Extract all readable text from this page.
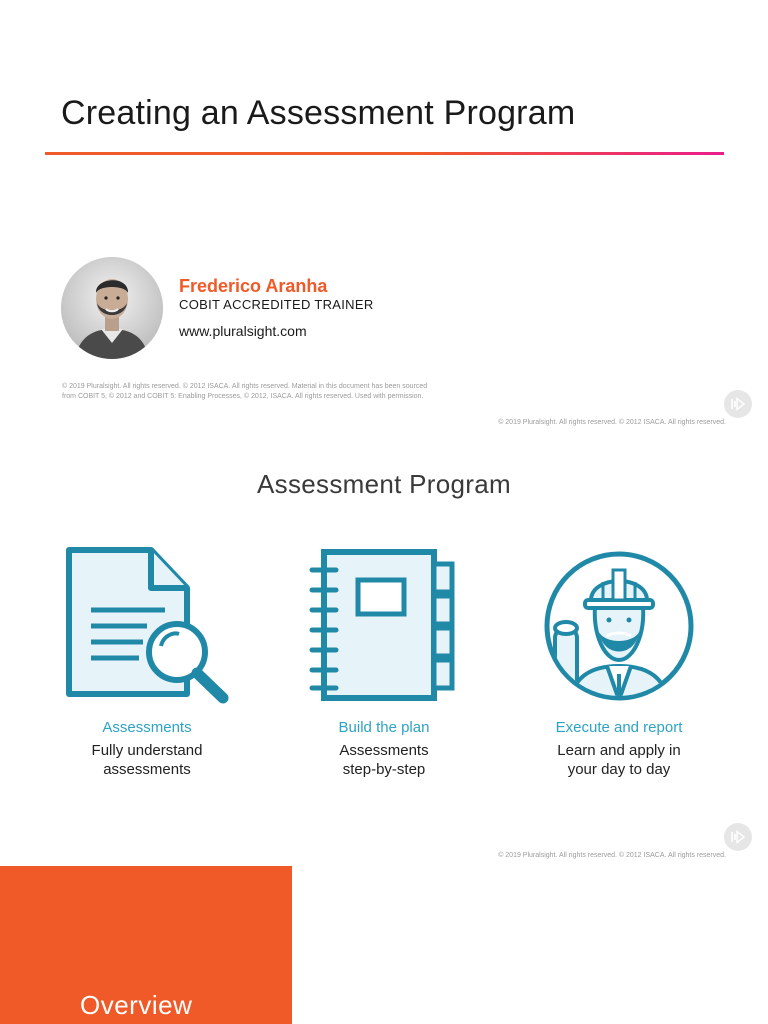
Creating an Assessment Program
Frederico Aranha
COBIT ACCREDITED TRAINER
www.pluralsight.com
© 2019 Pluralsight. All rights reserved. © 2012 ISACA. All rights reserved. Material in this document has been sourced
from COBIT 5, © 2012 and COBIT 5: Enabling Processes, © 2012, ISACA. All rights reserved. Used with permission.
© 2019 Pluralsight. All rights reserved. © 2012 ISACA. All rights reserved.
Assessment Program
Assessments
Fully understand
assessments
Build the plan
Assessments
step-by-step
Execute and report
Learn and apply in
your day to day
© 2019 Pluralsight. All rights reserved. © 2012 ISACA. All rights reserved.
Overview
